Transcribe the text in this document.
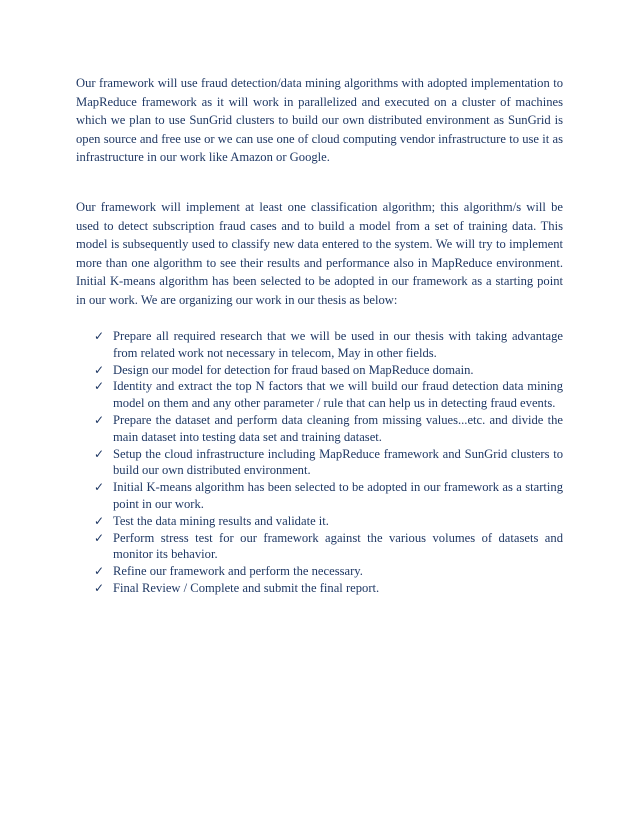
Our framework will use fraud detection/data mining algorithms with adopted implementation to MapReduce framework as it will work in parallelized and executed on a cluster of machines which we plan to use SunGrid clusters to build our own distributed environment as SunGrid is open source and free use or we can use one of cloud computing vendor infrastructure to use it as infrastructure in our work like Amazon or Google.

Our framework will implement at least one classification algorithm; this algorithm/s will be used to detect subscription fraud cases and to build a model from a set of training data. This model is subsequently used to classify new data entered to the system. We will try to implement more than one algorithm to see their results and performance also in MapReduce environment. Initial K-means algorithm has been selected to be adopted in our framework as a starting point in our work. We are organizing our work in our thesis as below:

✓ Prepare all required research that we will be used in our thesis with taking advantage from related work not necessary in telecom, May in other fields.
✓ Design our model for detection for fraud based on MapReduce domain.
✓ Identity and extract the top N factors that we will build our fraud detection data mining model on them and any other parameter / rule that can help us in detecting fraud events.
✓ Prepare the dataset and perform data cleaning from missing values...etc. and divide the main dataset into testing data set and training dataset.
✓ Setup the cloud infrastructure including MapReduce framework and SunGrid clusters to build our own distributed environment.
✓ Initial K-means algorithm has been selected to be adopted in our framework as a starting point in our work.
✓ Test the data mining results and validate it.
✓ Perform stress test for our framework against the various volumes of datasets and monitor its behavior.
✓ Refine our framework and perform the necessary.
✓ Final Review / Complete and submit the final report.
